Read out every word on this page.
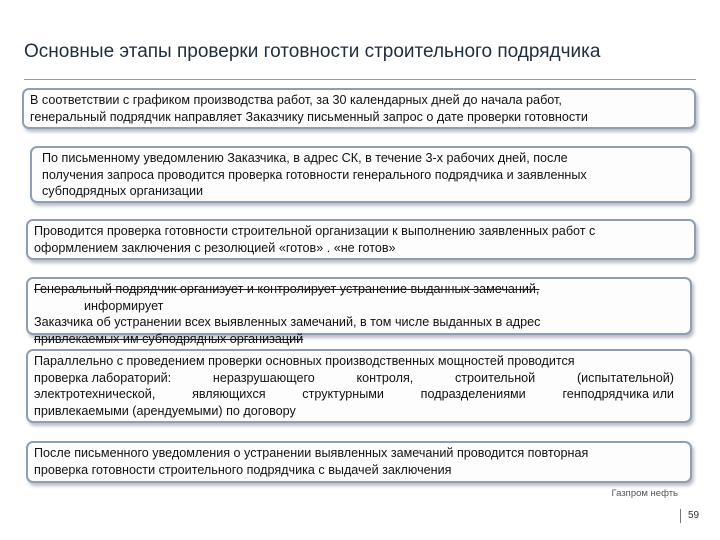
Основные этапы проверки готовности строительного подрядчика

В соответствии с графиком производства работ, за 30 календарных дней до начала работ,

генеральный подрядчик направляет Заказчику письменный запрос о дате проверки готовности

По письменному уведомлению Заказчика, в адрес СК, в течение 3-х рабочих дней, после

получения запроса проводится проверка готовности генерального подрядчика и заявленных

субподрядных организации

Проводится проверка готовности строительной организации к выполнению заявленных работ с

оформлением заключения с резолюцией «готов» . «не готов»

Генеральный подрядчик организует и контролирует устранение выданных замечаний,

информирует

Заказчика об устранении всех выявленных замечаний, в том числе выданных в адрес

привлекаемых им субподрядных организаций

Параллельно с проведением проверки основных производственных мощностей проводится

проверка лабораторий:	неразрушающего	контроля,	строительной	(испытательной)

электротехнической,	являющихся	структурными	подразделениями	генподрядчика или

привлекаемыми (арендуемыми) по договору

После письменного уведомления о устранении выявленных замечаний проводится повторная

проверка готовности строительного подрядчика с выдачей заключения

Газпром нефть
59
